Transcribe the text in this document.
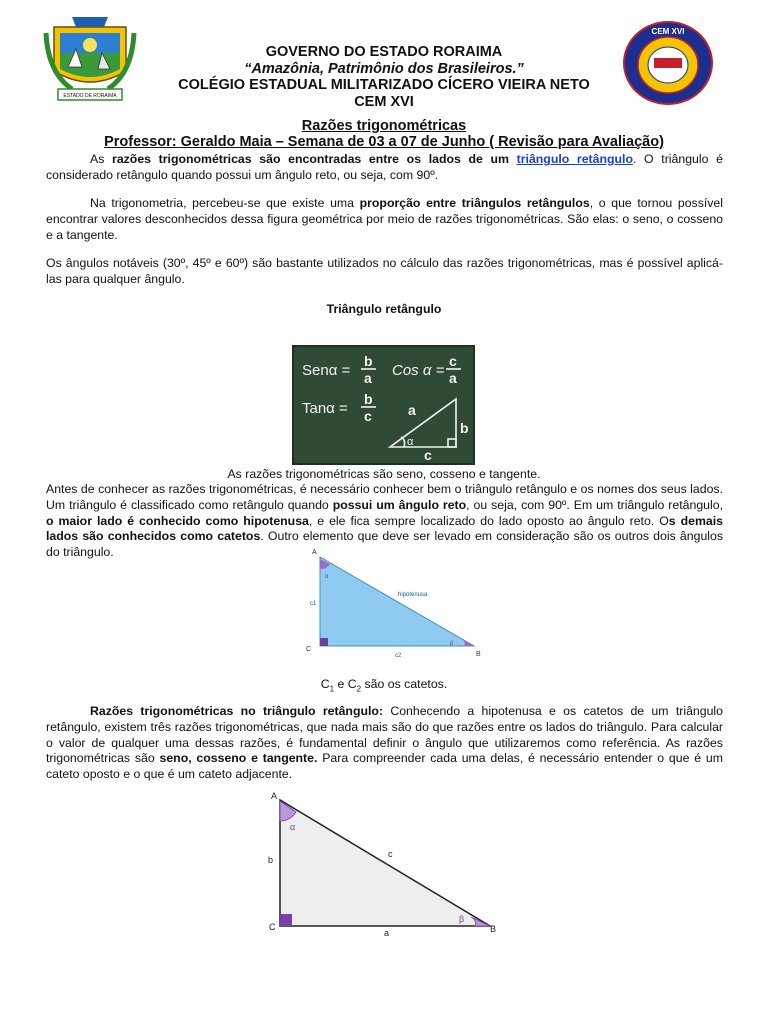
ESTADO DE RORAIMA
GOVERNO DO ESTADO RORAIMA
“Amazônia, Patrimônio dos Brasileiros.”
COLÉGIO ESTADUAL MILITARIZADO CÍCERO VIEIRA NETO
CEM XVI
CEM XVI
Razões trigonométricas
Professor: Geraldo Maia – Semana de 03 a 07 de Junho ( Revisão para Avaliação)
As razões trigonométricas são encontradas entre os lados de um triângulo retângulo. O triângulo é considerado retângulo quando possui um ângulo reto, ou seja, com 90º.
Na trigonometria, percebeu-se que existe uma proporção entre triângulos retângulos, o que tornou possível encontrar valores desconhecidos dessa figura geométrica por meio de razões trigonométricas. São elas: o seno, o cosseno e a tangente.
Os ângulos notáveis (30º, 45º e 60º) são bastante utilizados no cálculo das razões trigonométricas, mas é possível aplicá-las para qualquer ângulo.
Triângulo retângulo
Senα =
b
a Cos α =
c
a
Tanα =
b
c	a
b
c
α
As razões trigonométricas são seno, cosseno e tangente.
Antes de conhecer as razões trigonométricas, é necessário conhecer bem o triângulo retângulo e os nomes dos seus lados. Um triângulo é classificado como retângulo quando possui um ângulo reto, ou seja, com 90º. Em um triângulo retângulo, o maior lado é conhecido como hipotenusa, e ele fica sempre localizado do lado oposto ao ângulo reto. Os demais lados são conhecidos como catetos. Outro elemento que deve ser levado em consideração são os outros dois ângulos do triângulo.	A
C
B
hipotenusa
c1
c2
α
β
$C_1$ e $C_2$ são os catetos.
Razões trigonométricas no triângulo retângulo: Conhecendo a hipotenusa e os catetos de um triângulo retângulo, existem três razões trigonométricas, que nada mais são do que razões entre os lados do triângulo. Para calcular o valor de qualquer uma dessas razões, é fundamental definir o ângulo que utilizaremos como referência. As razões trigonométricas são seno, cosseno e tangente. Para compreender cada uma delas, é necessário entender o que é um cateto oposto e o que é um cateto adjacente.
A
C	B
b
c
a
α
β
